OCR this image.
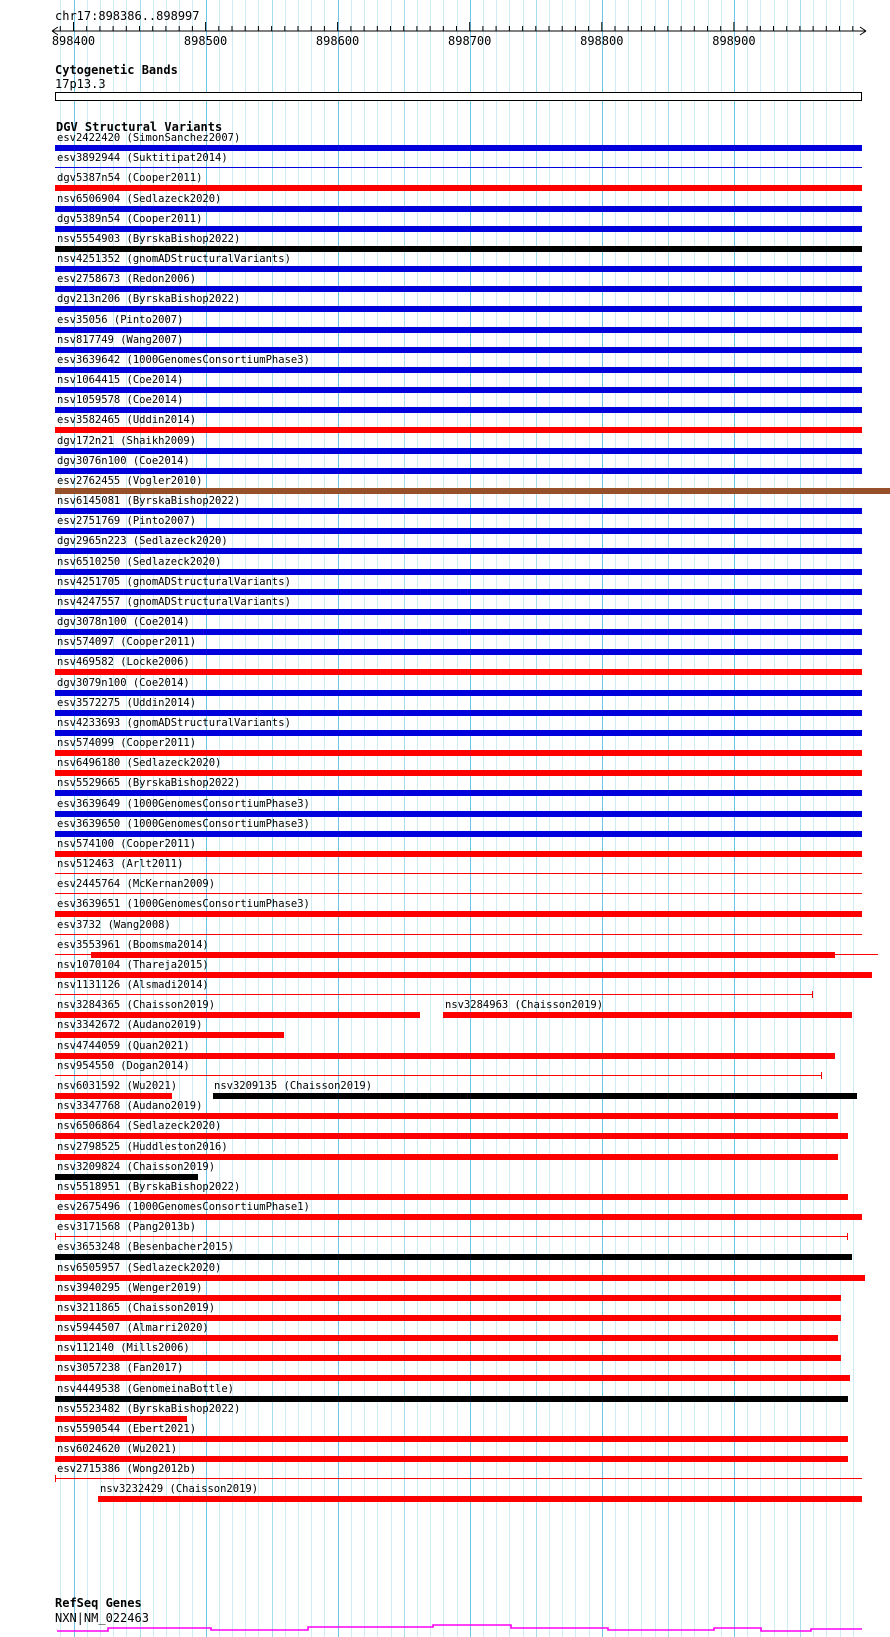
chr17:898386..898997
898400	898500	898600	898700	898800	898900
Cytogenetic Bands
17p13.3
DGV Structural Variants
esv2422420 (SimonSanchez2007)
esv3892944 (Suktitipat2014)
dgv5387n54 (Cooper2011)
nsv6506904 (Sedlazeck2020)
dgv5389n54 (Cooper2011)
nsv5554903 (ByrskaBishop2022)
nsv4251352 (gnomADStructuralVariants)
esv2758673 (Redon2006)
dgv213n206 (ByrskaBishop2022)
esv35056 (Pinto2007)
nsv817749 (Wang2007)
esv3639642 (1000GenomesConsortiumPhase3)
nsv1064415 (Coe2014)
nsv1059578 (Coe2014)
esv3582465 (Uddin2014)
dgv172n21 (Shaikh2009)
dgv3076n100 (Coe2014)
esv2762455 (Vogler2010)
nsv6145081 (ByrskaBishop2022)
esv2751769 (Pinto2007)
dgv2965n223 (Sedlazeck2020)
nsv6510250 (Sedlazeck2020)
nsv4251705 (gnomADStructuralVariants)
nsv4247557 (gnomADStructuralVariants)
dgv3078n100 (Coe2014)
nsv574097 (Cooper2011)
nsv469582 (Locke2006)
dgv3079n100 (Coe2014)
esv3572275 (Uddin2014)
nsv4233693 (gnomADStructuralVariants)
nsv574099 (Cooper2011)
nsv6496180 (Sedlazeck2020)
nsv5529665 (ByrskaBishop2022)
esv3639649 (1000GenomesConsortiumPhase3)
esv3639650 (1000GenomesConsortiumPhase3)
nsv574100 (Cooper2011)
nsv512463 (Arlt2011)
esv2445764 (McKernan2009)
esv3639651 (1000GenomesConsortiumPhase3)
esv3732 (Wang2008)
esv3553961 (Boomsma2014)
nsv1070104 (Thareja2015)
nsv1131126 (Alsmadi2014)
nsv3284365 (Chaisson2019)	nsv3284963 (Chaisson2019)
nsv3342672 (Audano2019)
nsv4744059 (Quan2021)
nsv954550 (Dogan2014)
nsv6031592 (Wu2021)	nsv3209135 (Chaisson2019)
nsv3347768 (Audano2019)
nsv6506864 (Sedlazeck2020)
nsv2798525 (Huddleston2016)
nsv3209824 (Chaisson2019)
nsv5518951 (ByrskaBishop2022)
esv2675496 (1000GenomesConsortiumPhase1)
esv3171568 (Pang2013b)
esv3653248 (Besenbacher2015)
nsv6505957 (Sedlazeck2020)
nsv3940295 (Wenger2019)
nsv3211865 (Chaisson2019)
nsv5944507 (Almarri2020)
nsv112140 (Mills2006)
nsv3057238 (Fan2017)
nsv4449538 (GenomeinaBottle)
nsv5523482 (ByrskaBishop2022)
nsv5590544 (Ebert2021)
nsv6024620 (Wu2021)
esv2715386 (Wong2012b)
nsv3232429 (Chaisson2019)
RefSeq Genes
NXN|NM_022463
